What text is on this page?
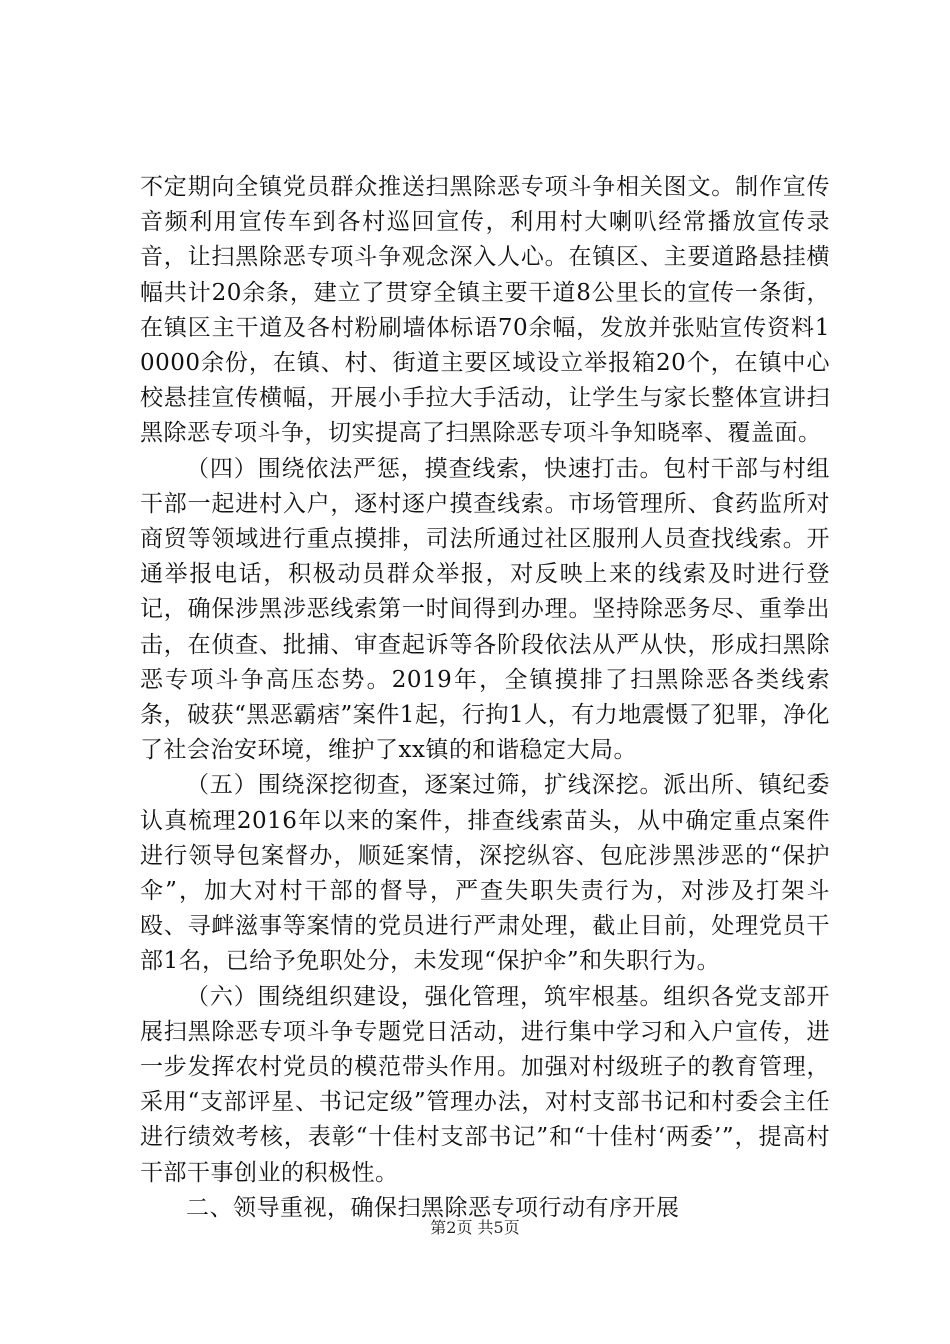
不定期向全镇党员群众推送扫黑除恶专项斗争相关图文。制作宣传音频利用宣传车到各村巡回宣传，利用村大喇叭经常播放宣传录音，让扫黑除恶专项斗争观念深入人心。在镇区、主要道路悬挂横幅共计20余条，建立了贯穿全镇主要干道8公里长的宣传一条街，在镇区主干道及各村粉刷墙体标语70余幅，发放并张贴宣传资料10000余份，在镇、村、街道主要区域设立举报箱20个，在镇中心校悬挂宣传横幅，开展小手拉大手活动，让学生与家长整体宣讲扫黑除恶专项斗争，切实提高了扫黑除恶专项斗争知晓率、覆盖面。

（四）围绕依法严惩，摸查线索，快速打击。包村干部与村组干部一起进村入户，逐村逐户摸查线索。市场管理所、食药监所对商贸等领域进行重点摸排，司法所通过社区服刑人员查找线索。开通举报电话，积极动员群众举报，对反映上来的线索及时进行登记，确保涉黑涉恶线索第一时间得到办理。坚持除恶务尽、重拳出击，在侦查、批捕、审查起诉等各阶段依法从严从快，形成扫黑除恶专项斗争高压态势。2019年，全镇摸排了扫黑除恶各类线索条，破获“黑恶霸痞”案件1起，行拘1人，有力地震慑了犯罪，净化了社会治安环境，维护了xx镇的和谐稳定大局。

（五）围绕深挖彻查，逐案过筛，扩线深挖。派出所、镇纪委认真梳理2016年以来的案件，排查线索苗头，从中确定重点案件进行领导包案督办，顺延案情，深挖纵容、包庇涉黑涉恶的“保护伞”，加大对村干部的督导，严查失职失责行为，对涉及打架斗殴、寻衅滋事等案情的党员进行严肃处理，截止目前，处理党员干部1名，已给予免职处分，未发现“保护伞”和失职行为。

（六）围绕组织建设，强化管理，筑牢根基。组织各党支部开展扫黑除恶专项斗争专题党日活动，进行集中学习和入户宣传，进一步发挥农村党员的模范带头作用。加强对村级班子的教育管理，采用“支部评星、书记定级”管理办法，对村支部书记和村委会主任进行绩效考核，表彰“十佳村支部书记”和“十佳村‘两委’”，提高村干部干事创业的积极性。

二、领导重视，确保扫黑除恶专项行动有序开展

第2页 共5页
